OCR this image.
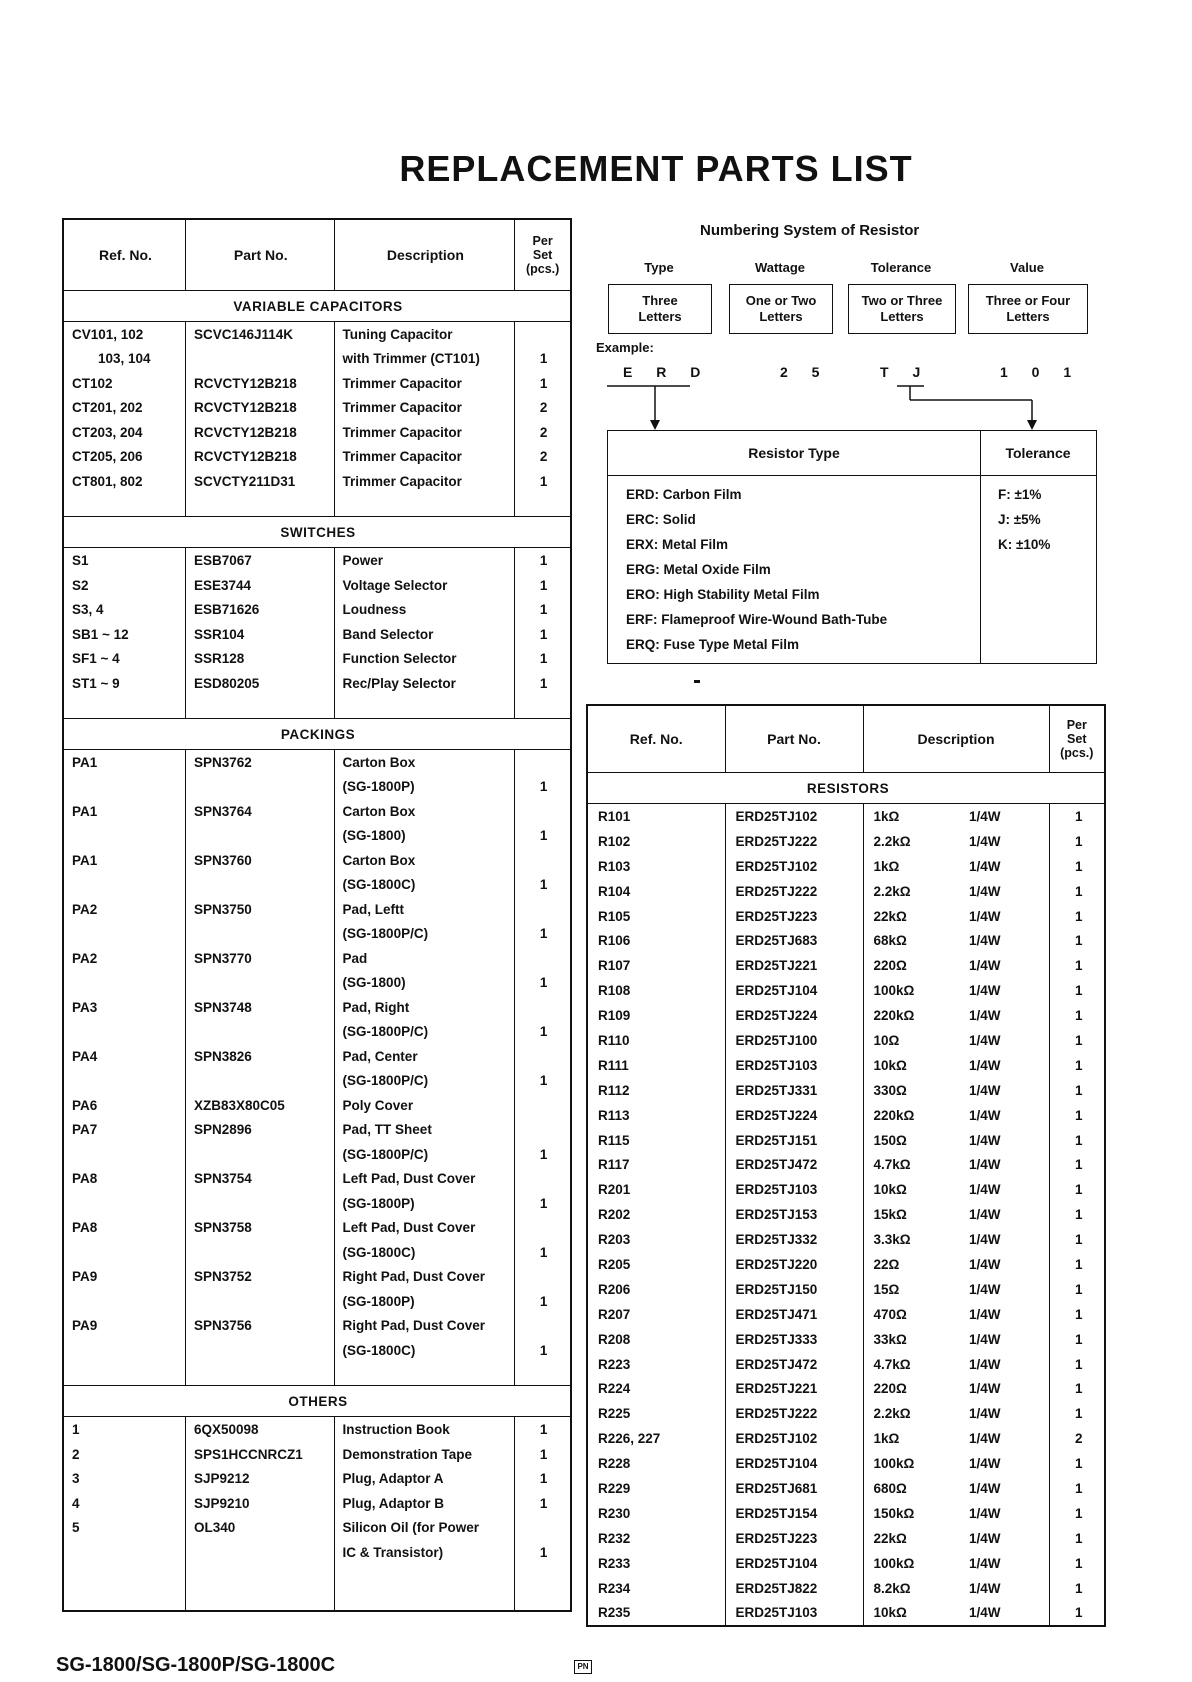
REPLACEMENT PARTS LIST
Ref. No.	Part No.	Description	Per
Set
(pcs.)
VARIABLE CAPACITORS			
CV101, 102	SCVC146J114K	Tuning Capacitor	
103, 104		with Trimmer (CT101)	1
CT102	RCVCTY12B218	Trimmer Capacitor	1
CT201, 202	RCVCTY12B218	Trimmer Capacitor	2
CT203, 204	RCVCTY12B218	Trimmer Capacitor	2
CT205, 206	RCVCTY12B218	Trimmer Capacitor	2
CT801, 802	SCVCTY211D31	Trimmer Capacitor	1

SWITCHES			
S1	ESB7067	Power	1
S2	ESE3744	Voltage Selector	1
S3, 4	ESB71626	Loudness	1
SB1 ~ 12	SSR104	Band Selector	1
SF1 ~ 4	SSR128	Function Selector	1
ST1 ~ 9	ESD80205	Rec/Play Selector	1

PACKINGS			
PA1	SPN3762	Carton Box	
		(SG-1800P)	1
PA1	SPN3764	Carton Box	
		(SG-1800)	1
PA1	SPN3760	Carton Box	
		(SG-1800C)	1
PA2	SPN3750	Pad, Leftt	
		(SG-1800P/C)	1
PA2	SPN3770	Pad	
		(SG-1800)	1
PA3	SPN3748	Pad, Right	
		(SG-1800P/C)	1
PA4	SPN3826	Pad, Center	
		(SG-1800P/C)	1
PA6	XZB83X80C05	Poly Cover	
PA7	SPN2896	Pad, TT Sheet	
		(SG-1800P/C)	1
PA8	SPN3754	Left Pad, Dust Cover	
		(SG-1800P)	1
PA8	SPN3758	Left Pad, Dust Cover	
		(SG-1800C)	1
PA9	SPN3752	Right Pad, Dust Cover	
		(SG-1800P)	1
PA9	SPN3756	Right Pad, Dust Cover	
		(SG-1800C)	1

OTHERS			
1	6QX50098	Instruction Book	1
2	SPS1HCCNRCZ1	Demonstration Tape	1
3	SJP9212	Plug, Adaptor A	1
4	SJP9210	Plug, Adaptor B	1
5	OL340	Silicon Oil (for Power	
		IC & Transistor)	1

Numbering System of Resistor
Type
Three
Letters
Wattage
One or Two
Letters
Tolerance
Two or Three
Letters
Value
Three or Four
Letters
Example:
E R D	2 5	T J	1 0 1
Resistor Type	Tolerance
ERD: Carbon Film
ERC: Solid
ERX: Metal Film
ERG: Metal Oxide Film
ERO: High Stability Metal Film
ERF: Flameproof Wire-Wound Bath-Tube
ERQ: Fuse Type Metal Film
F: ±1%
J: ±5%
K: ±10%
Ref. No.	Part No.	Description		Per
Set
(pcs.)
RESISTORS				
R101	ERD25TJ102	1kΩ	1/4W	1
R102	ERD25TJ222	2.2kΩ	1/4W	1
R103	ERD25TJ102	1kΩ	1/4W	1
R104	ERD25TJ222	2.2kΩ	1/4W	1
R105	ERD25TJ223	22kΩ	1/4W	1
R106	ERD25TJ683	68kΩ	1/4W	1
R107	ERD25TJ221	220Ω	1/4W	1
R108	ERD25TJ104	100kΩ	1/4W	1
R109	ERD25TJ224	220kΩ	1/4W	1
R110	ERD25TJ100	10Ω	1/4W	1
R111	ERD25TJ103	10kΩ	1/4W	1
R112	ERD25TJ331	330Ω	1/4W	1
R113	ERD25TJ224	220kΩ	1/4W	1
R115	ERD25TJ151	150Ω	1/4W	1
R117	ERD25TJ472	4.7kΩ	1/4W	1
R201	ERD25TJ103	10kΩ	1/4W	1
R202	ERD25TJ153	15kΩ	1/4W	1
R203	ERD25TJ332	3.3kΩ	1/4W	1
R205	ERD25TJ220	22Ω	1/4W	1
R206	ERD25TJ150	15Ω	1/4W	1
R207	ERD25TJ471	470Ω	1/4W	1
R208	ERD25TJ333	33kΩ	1/4W	1
R223	ERD25TJ472	4.7kΩ	1/4W	1
R224	ERD25TJ221	220Ω	1/4W	1
R225	ERD25TJ222	2.2kΩ	1/4W	1
R226, 227	ERD25TJ102	1kΩ	1/4W	2
R228	ERD25TJ104	100kΩ	1/4W	1
R229	ERD25TJ681	680Ω	1/4W	1
R230	ERD25TJ154	150kΩ	1/4W	1
R232	ERD25TJ223	22kΩ	1/4W	1
R233	ERD25TJ104	100kΩ	1/4W	1
R234	ERD25TJ822	8.2kΩ	1/4W	1
R235	ERD25TJ103	10kΩ	1/4W	1

SG-1800/SG-1800P/SG-1800C	PN
